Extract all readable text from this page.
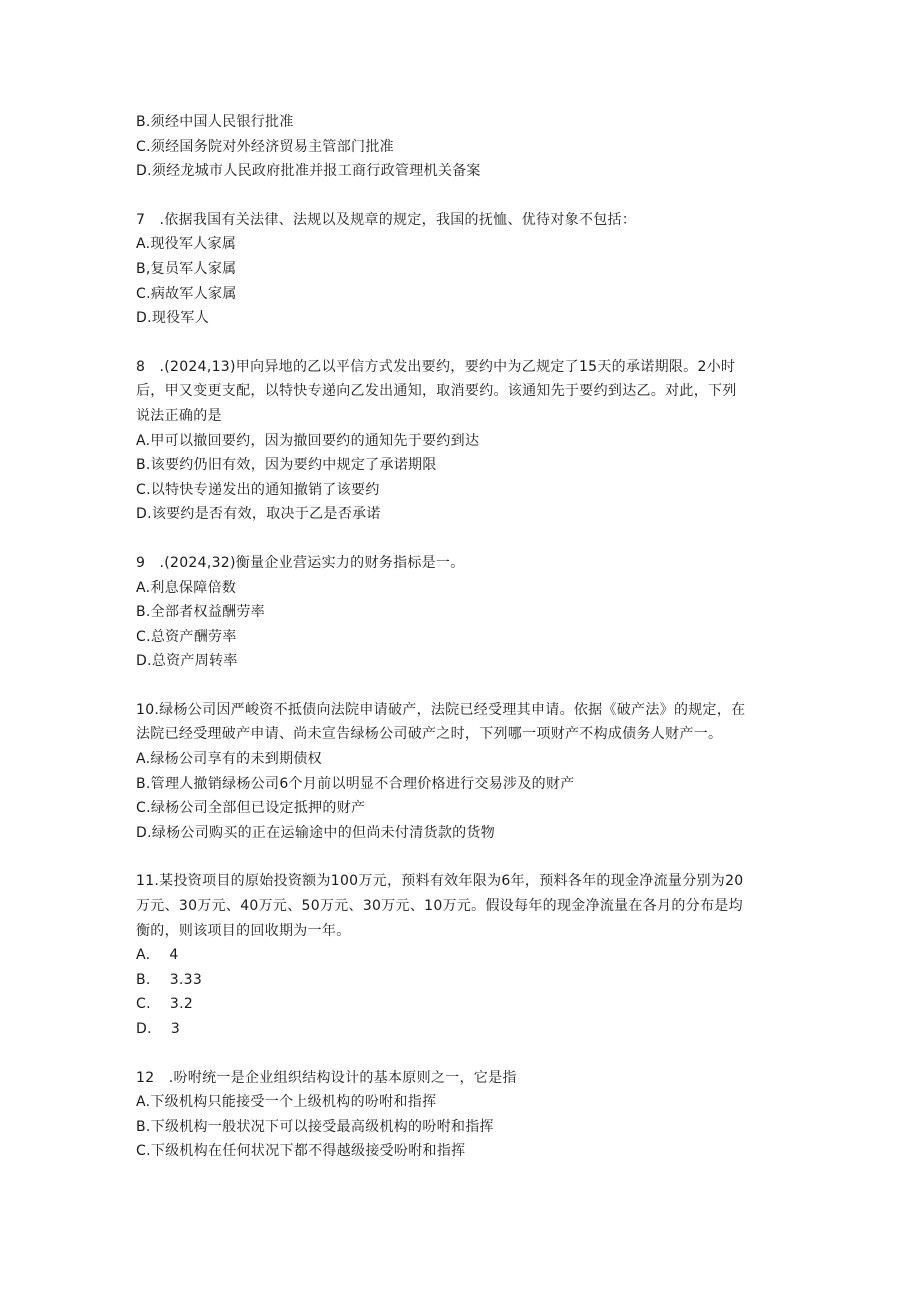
B.须经中国人民银行批准
C.须经国务院对外经济贸易主管部门批准
D.须经龙城市人民政府批准并报工商行政管理机关备案
7　.依据我国有关法律、法规以及规章的规定，我国的抚恤、优待对象不包括：
A.现役军人家属
B,复员军人家属
C.病故军人家属
D.现役军人
8　.(2024,13)甲向异地的乙以平信方式发出要约，要约中为乙规定了15天的承诺期限。2小时
后，甲又变更支配，以特快专递向乙发出通知，取消要约。该通知先于要约到达乙。对此，下列
说法正确的是
A.甲可以撤回要约，因为撤回要约的通知先于要约到达
B.该要约仍旧有效，因为要约中规定了承诺期限
C.以特快专递发出的通知撤销了该要约
D.该要约是否有效，取决于乙是否承诺
9　.(2024,32)衡量企业营运实力的财务指标是一。
A.利息保障倍数
B.全部者权益酬劳率
C.总资产酬劳率
D.总资产周转率
10.绿杨公司因严峻资不抵债向法院申请破产，法院已经受理其申请。依据《破产法》的规定，在
法院已经受理破产申请、尚未宣告绿杨公司破产之时，下列哪一项财产不构成债务人财产一。
A.绿杨公司享有的未到期债权
B.管理人撤销绿杨公司6个月前以明显不合理价格进行交易涉及的财产
C.绿杨公司全部但已设定抵押的财产
D.绿杨公司购买的正在运输途中的但尚未付清货款的货物
11.某投资项目的原始投资额为100万元，预料有效年限为6年，预料各年的现金净流量分别为20
万元、30万元、40万元、50万元、30万元、10万元。假设每年的现金净流量在各月的分布是均
衡的，则该项目的回收期为一年。
A.　 4
B.　 3.33
C.　 3.2
D.　 3
12　.吩咐统一是企业组织结构设计的基本原则之一，它是指
A.下级机构只能接受一个上级机构的吩咐和指挥
B.下级机构一般状况下可以接受最高级机构的吩咐和指挥
C.下级机构在任何状况下都不得越级接受吩咐和指挥
